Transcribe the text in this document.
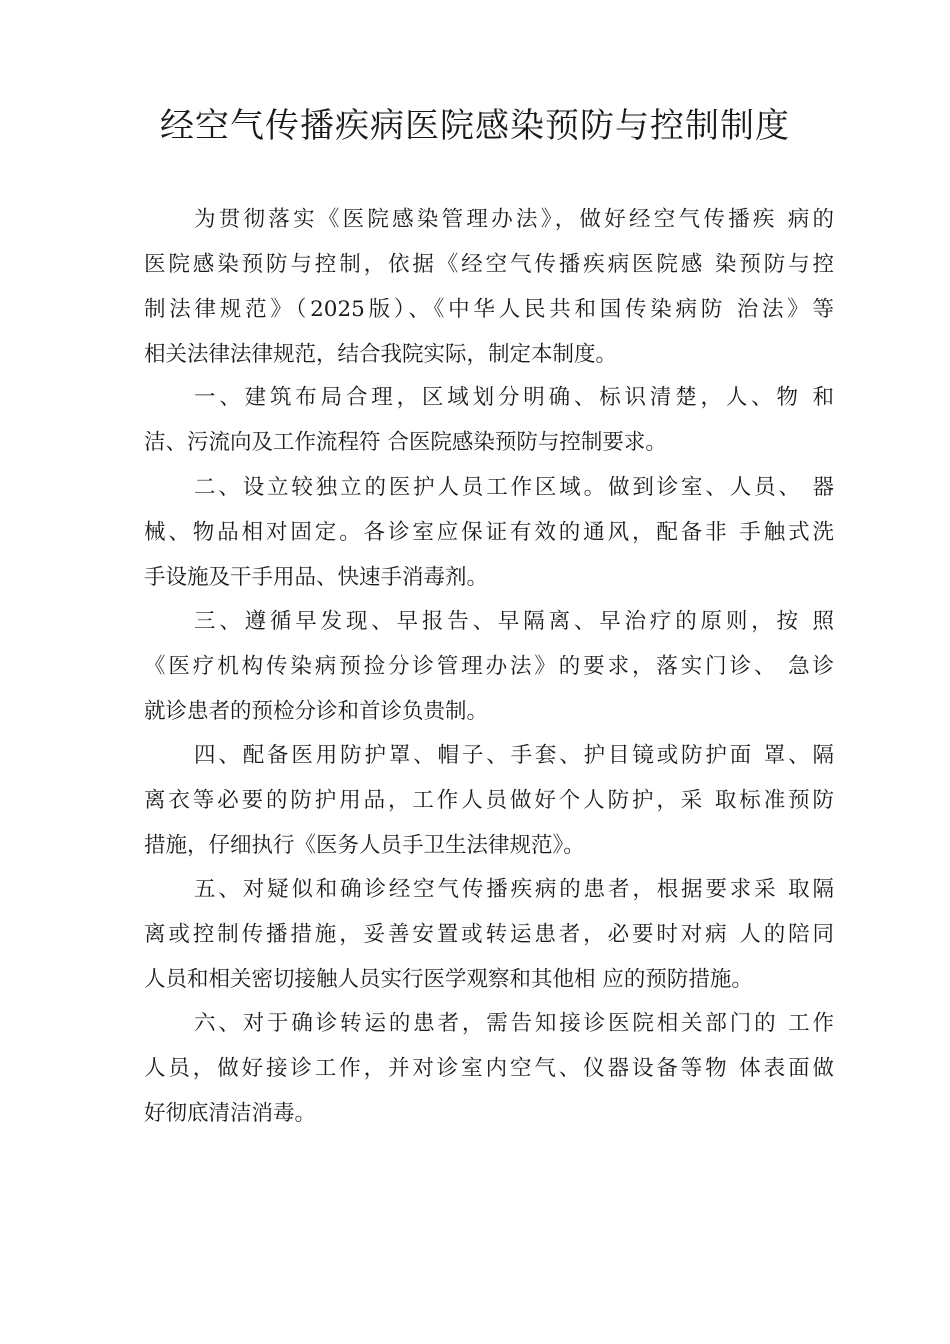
经空气传播疾病医院感染预防与控制制度
为贯彻落实《医院感染管理办法》，做好经空气传播疾 病的
医院感染预防与控制，依据《经空气传播疾病医院感 染预防与控
制法律规范》（2025版）、《中华人民共和国传染病防 治法》等
相关法律法律规范，结合我院实际，制定本制度。
一、建筑布局合理，区域划分明确、标识清楚，人、物 和
洁、污流向及工作流程符 合医院感染预防与控制要求。
二、设立较独立的医护人员工作区域。做到诊室、人员、 器
械、物品相对固定。各诊室应保证有效的通风，配备非 手触式洗
手设施及干手用品、快速手消毒剂。
三、遵循早发现、早报告、早隔离、早治疗的原则，按 照
《医疗机构传染病预捡分诊管理办法》的要求，落实门诊、 急诊
就诊患者的预检分诊和首诊负贵制。
四、配备医用防护罩、帽子、手套、护目镜或防护面 罩、隔
离衣等必要的防护用品，工作人员做好个人防护，采 取标准预防
措施，仔细执行《医务人员手卫生法律规范》。
五、对疑似和确诊经空气传播疾病的患者，根据要求采 取隔
离或控制传播措施，妥善安置或转运患者，必要时对病 人的陪同
人员和相关密切接触人员实行医学观察和其他相 应的预防措施。
六、对于确诊转运的患者，需告知接诊医院相关部门的 工作
人员，做好接诊工作，并对诊室内空气、仪器设备等物 体表面做
好彻底清洁消毒。
